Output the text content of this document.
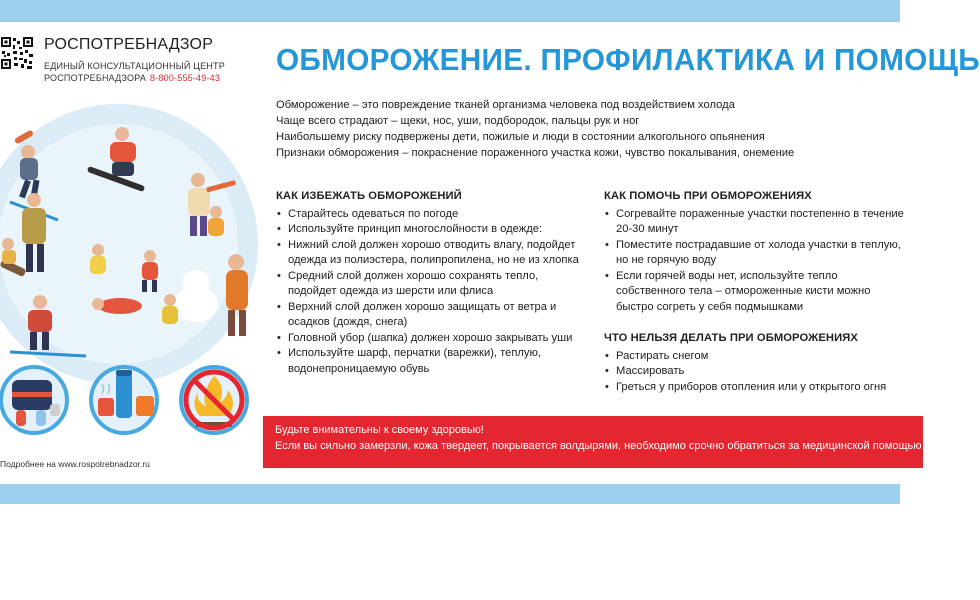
РОСПОТРЕБНАДЗОР
ЕДИНЫЙ КОНСУЛЬТАЦИОННЫЙ ЦЕНТР
РОСПОТРЕБНАДЗОРА 8-800-555-49-43
ОБМОРОЖЕНИЕ. ПРОФИЛАКТИКА И ПОМОЩЬ
Обморожение – это повреждение тканей организма человека под воздействием холода
Чаще всего страдают – щеки, нос, уши, подбородок, пальцы рук и ног
Наибольшему риску подвержены дети, пожилые и люди в состоянии алкогольного опьянения
Признаки обморожения – покраснение пораженного участка кожи, чувство покалывания, онемение
КАК ИЗБЕЖАТЬ ОБМОРОЖЕНИЙ
• Старайтесь одеваться по погоде
• Используйте принцип многослойности в одежде:
• Нижний слой должен хорошо отводить влагу, подойдет одежда из полиэстера, полипропилена, но не из хлопка
• Средний слой должен хорошо сохранять тепло, подойдет одежда из шерсти или флиса
• Верхний слой должен хорошо защищать от ветра и осадков (дождя, снега)
• Головной убор (шапка) должен хорошо закрывать уши
• Используйте шарф, перчатки (варежки), теплую, водонепроницаемую обувь
КАК ПОМОЧЬ ПРИ ОБМОРОЖЕНИЯХ
• Согревайте пораженные участки постепенно в течение 20-30 минут
• Поместите пострадавшие от холода участки в теплую, но не горячую воду
• Если горячей воды нет, используйте тепло собственного тела – отмороженные кисти можно быстро согреть у себя подмышками
ЧТО НЕЛЬЗЯ ДЕЛАТЬ ПРИ ОБМОРОЖЕНИЯХ
• Растирать снегом
• Массировать
• Греться у приборов отопления или у открытого огня
Будьте внимательны к своему здоровью!
Если вы сильно замерзли, кожа твердеет, покрывается волдырями, необходимо срочно обратиться за медицинской помощью
Подробнее на www.rospotrebnadzor.ru
